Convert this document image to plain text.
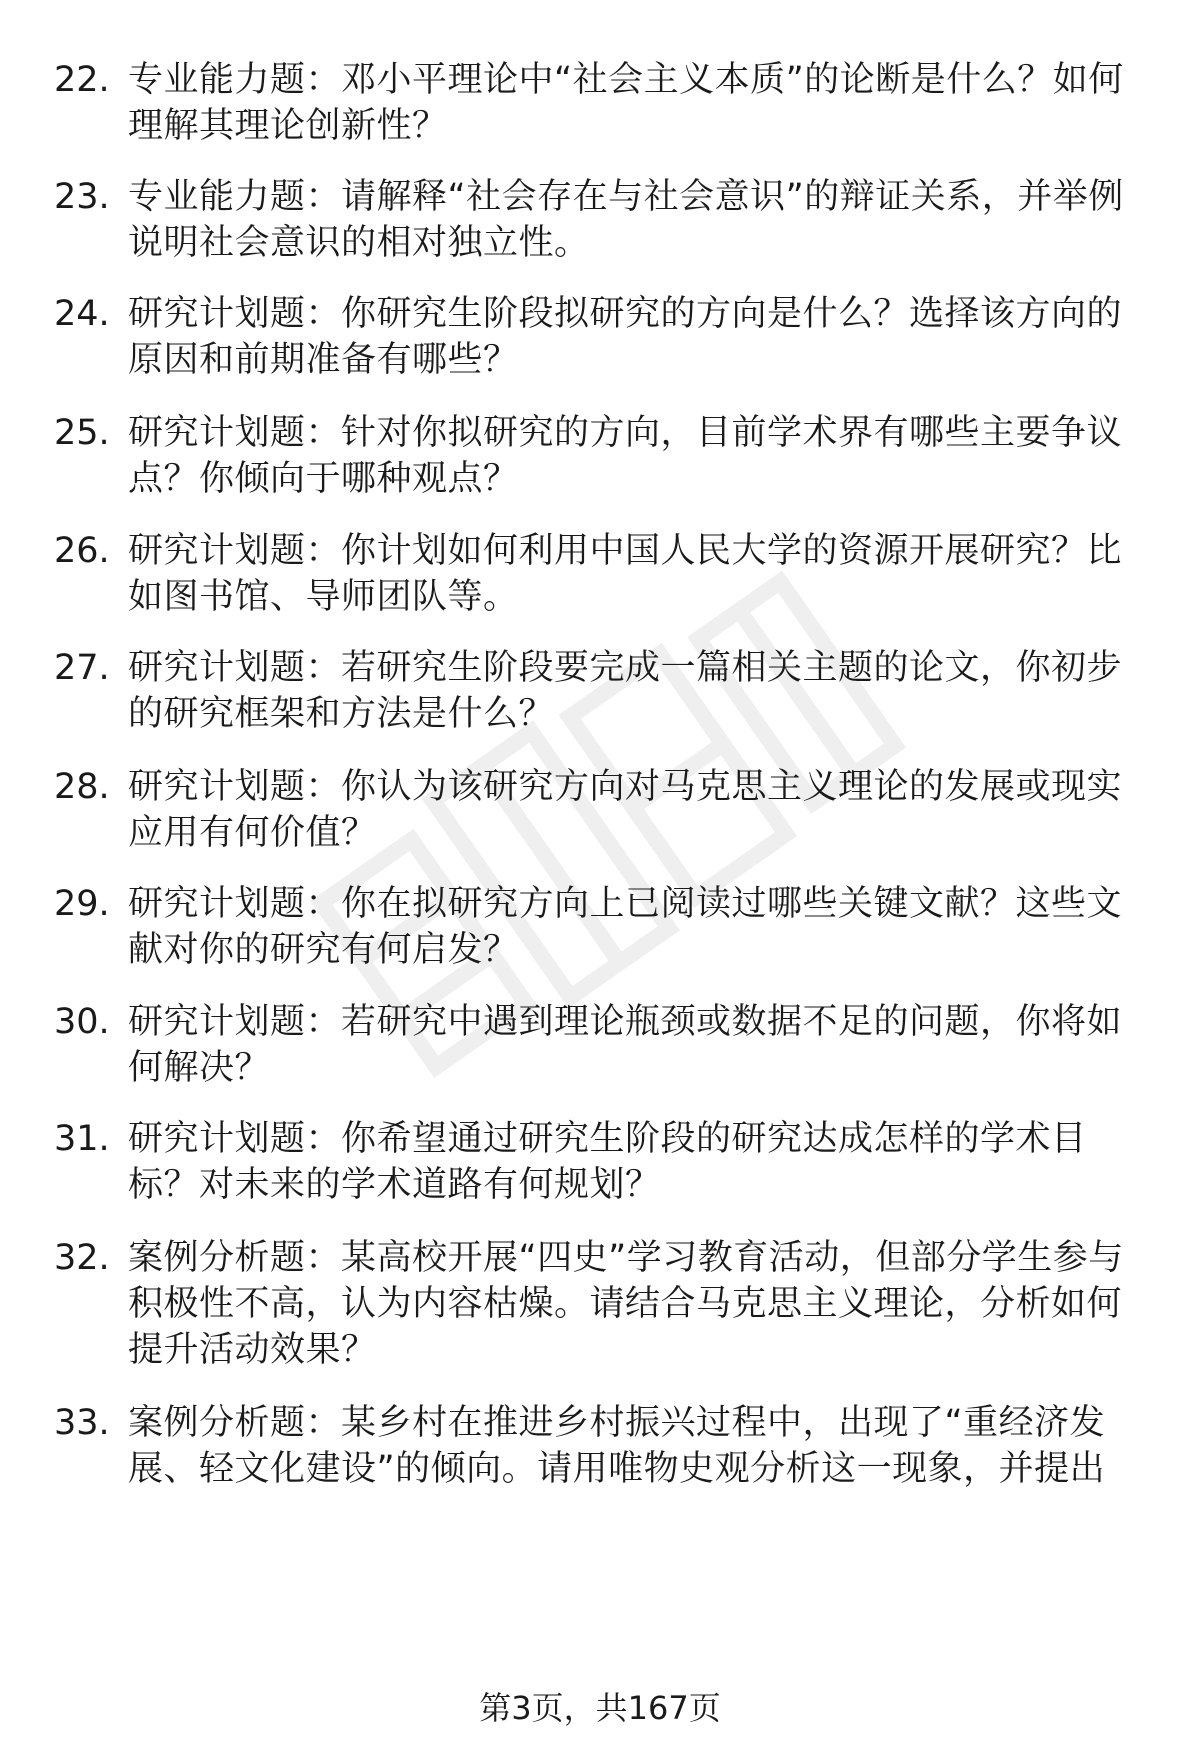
22. 专业能力题：邓小平理论中“社会主义本质”的论断是什么？如何理解其理论创新性？
23. 专业能力题：请解释“社会存在与社会意识”的辩证关系，并举例说明社会意识的相对独立性。
24. 研究计划题：你研究生阶段拟研究的方向是什么？选择该方向的原因和前期准备有哪些？
25. 研究计划题：针对你拟研究的方向，目前学术界有哪些主要争议点？你倾向于哪种观点？
26. 研究计划题：你计划如何利用中国人民大学的资源开展研究？比如图书馆、导师团队等。
27. 研究计划题：若研究生阶段要完成一篇相关主题的论文，你初步的研究框架和方法是什么？
28. 研究计划题：你认为该研究方向对马克思主义理论的发展或现实应用有何价值？
29. 研究计划题：你在拟研究方向上已阅读过哪些关键文献？这些文献对你的研究有何启发？
30. 研究计划题：若研究中遇到理论瓶颈或数据不足的问题，你将如何解决？
31. 研究计划题：你希望通过研究生阶段的研究达成怎样的学术目标？对未来的学术道路有何规划？
32. 案例分析题：某高校开展“四史”学习教育活动，但部分学生参与积极性不高，认为内容枯燥。请结合马克思主义理论，分析如何提升活动效果？
33. 案例分析题：某乡村在推进乡村振兴过程中，出现了“重经济发展、轻文化建设”的倾向。请用唯物史观分析这一现象，并提出
第3页，共167页
